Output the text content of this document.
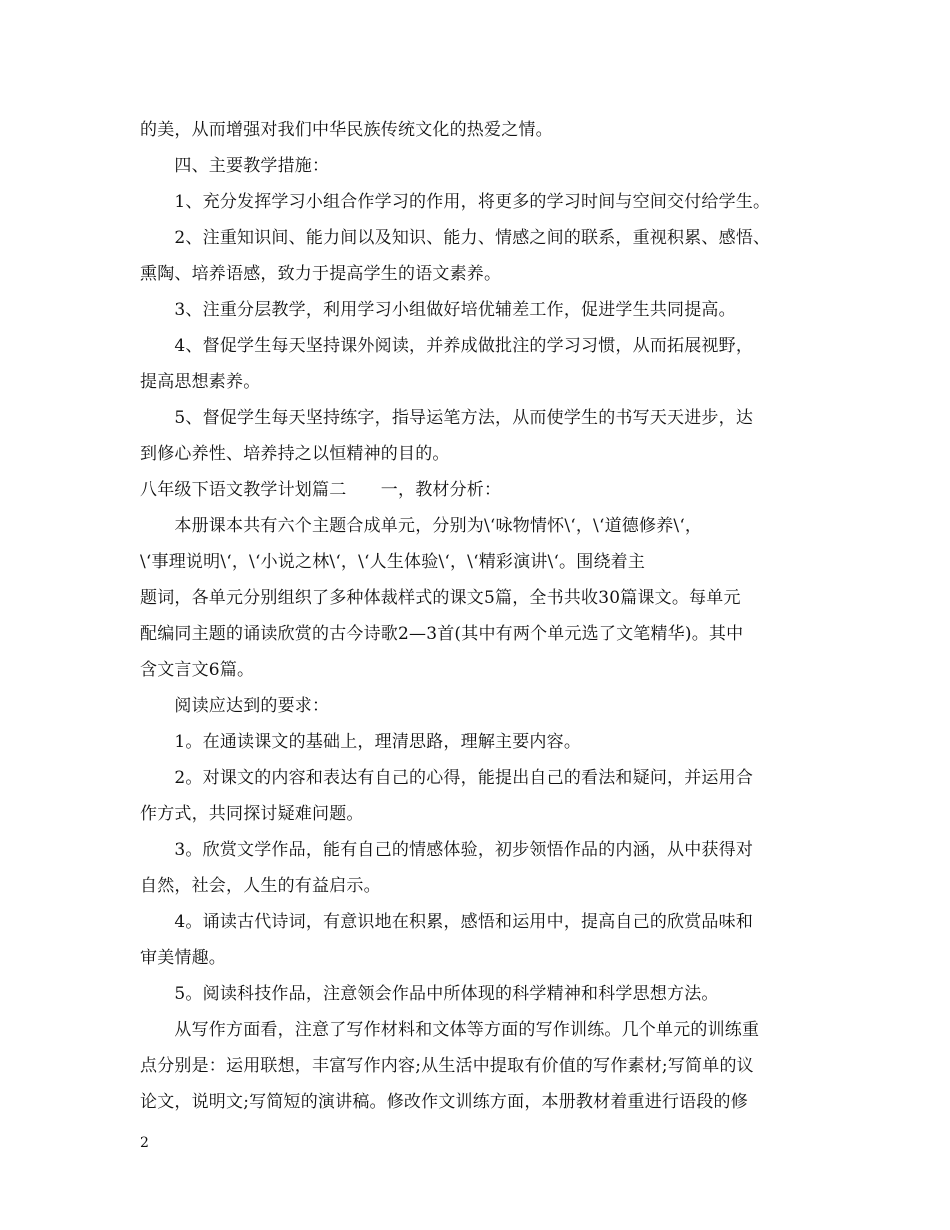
的美，从而增强对我们中华民族传统文化的热爱之情。
　　四、主要教学措施：
　　1、充分发挥学习小组合作学习的作用，将更多的学习时间与空间交付给学生。
　　2、注重知识间、能力间以及知识、能力、情感之间的联系，重视积累、感悟、
熏陶、培养语感，致力于提高学生的语文素养。
　　3、注重分层教学，利用学习小组做好培优辅差工作，促进学生共同提高。
　　4、督促学生每天坚持课外阅读，并养成做批注的学习习惯，从而拓展视野，
提高思想素养。
　　5、督促学生每天坚持练字，指导运笔方法，从而使学生的书写天天进步，达
到修心养性、培养持之以恒精神的目的。
八年级下语文教学计划篇二　　一，教材分析：
　　本册课本共有六个主题合成单元，分别为\‘咏物情怀\‘，\‘道德修养\‘，
\‘事理说明\‘，\‘小说之林\‘，\‘人生体验\‘，\‘精彩演讲\‘。围绕着主
题词，各单元分别组织了多种体裁样式的课文5篇，全书共收30篇课文。每单元
配编同主题的诵读欣赏的古今诗歌2—3首(其中有两个单元选了文笔精华)。其中
含文言文6篇。
　　阅读应达到的要求：
　　1。在通读课文的基础上，理清思路，理解主要内容。
　　2。对课文的内容和表达有自己的心得，能提出自己的看法和疑问，并运用合
作方式，共同探讨疑难问题。
　　3。欣赏文学作品，能有自己的情感体验，初步领悟作品的内涵，从中获得对
自然，社会，人生的有益启示。
　　4。诵读古代诗词，有意识地在积累，感悟和运用中，提高自己的欣赏品味和
审美情趣。
　　5。阅读科技作品，注意领会作品中所体现的科学精神和科学思想方法。
　　从写作方面看，注意了写作材料和文体等方面的写作训练。几个单元的训练重
点分别是：运用联想，丰富写作内容;从生活中提取有价值的写作素材;写简单的议
论文，说明文;写简短的演讲稿。修改作文训练方面，本册教材着重进行语段的修
2
